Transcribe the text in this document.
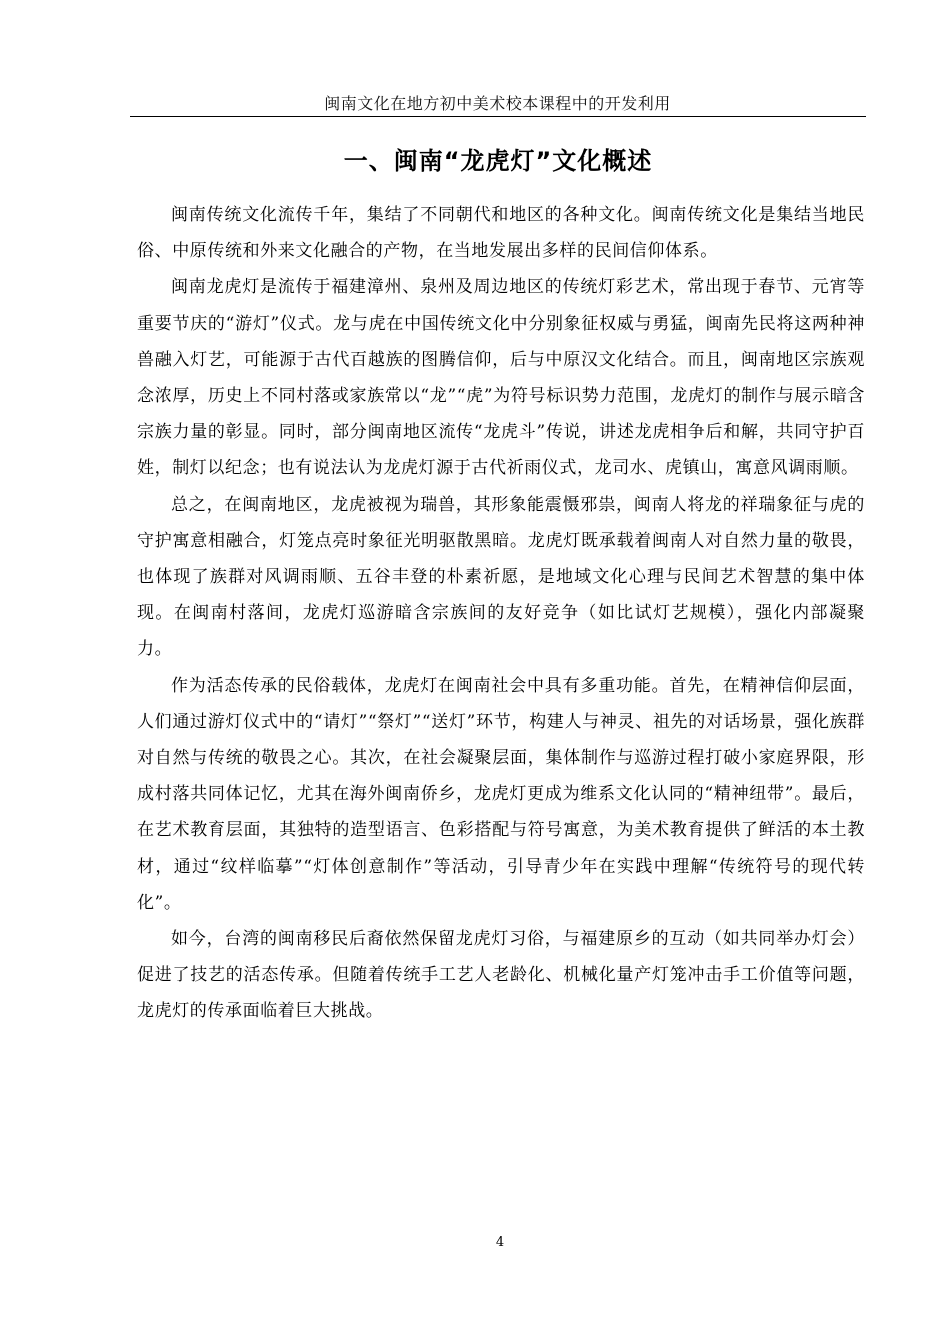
闽南文化在地方初中美术校本课程中的开发利用
一、闽南“龙虎灯”文化概述

闽南传统文化流传千年，集结了不同朝代和地区的各种文化。闽南传统文化是集结当地民俗、中原传统和外来文化融合的产物，在当地发展出多样的民间信仰体系。

闽南龙虎灯是流传于福建漳州、泉州及周边地区的传统灯彩艺术，常出现于春节、元宵等重要节庆的“游灯”仪式。龙与虎在中国传统文化中分别象征权威与勇猛，闽南先民将这两种神兽融入灯艺，可能源于古代百越族的图腾信仰，后与中原汉文化结合。而且，闽南地区宗族观念浓厚，历史上不同村落或家族常以“龙”“虎”为符号标识势力范围，龙虎灯的制作与展示暗含宗族力量的彰显。同时，部分闽南地区流传“龙虎斗”传说，讲述龙虎相争后和解，共同守护百姓，制灯以纪念；也有说法认为龙虎灯源于古代祈雨仪式，龙司水、虎镇山，寓意风调雨顺。

总之，在闽南地区，龙虎被视为瑞兽，其形象能震慑邪祟，闽南人将龙的祥瑞象征与虎的守护寓意相融合，灯笼点亮时象征光明驱散黑暗。龙虎灯既承载着闽南人对自然力量的敬畏，也体现了族群对风调雨顺、五谷丰登的朴素祈愿，是地域文化心理与民间艺术智慧的集中体现。在闽南村落间，龙虎灯巡游暗含宗族间的友好竞争（如比试灯艺规模），强化内部凝聚力。

作为活态传承的民俗载体，龙虎灯在闽南社会中具有多重功能。首先，在精神信仰层面，人们通过游灯仪式中的“请灯”“祭灯”“送灯”环节，构建人与神灵、祖先的对话场景，强化族群对自然与传统的敬畏之心。其次，在社会凝聚层面，集体制作与巡游过程打破小家庭界限，形成村落共同体记忆，尤其在海外闽南侨乡，龙虎灯更成为维系文化认同的“精神纽带”。最后，在艺术教育层面，其独特的造型语言、色彩搭配与符号寓意，为美术教育提供了鲜活的本土教材，通过“纹样临摹”“灯体创意制作”等活动，引导青少年在实践中理解“传统符号的现代转化”。

如今，台湾的闽南移民后裔依然保留龙虎灯习俗，与福建原乡的互动（如共同举办灯会）促进了技艺的活态传承。但随着传统手工艺人老龄化、机械化量产灯笼冲击手工价值等问题，龙虎灯的传承面临着巨大挑战。

4
